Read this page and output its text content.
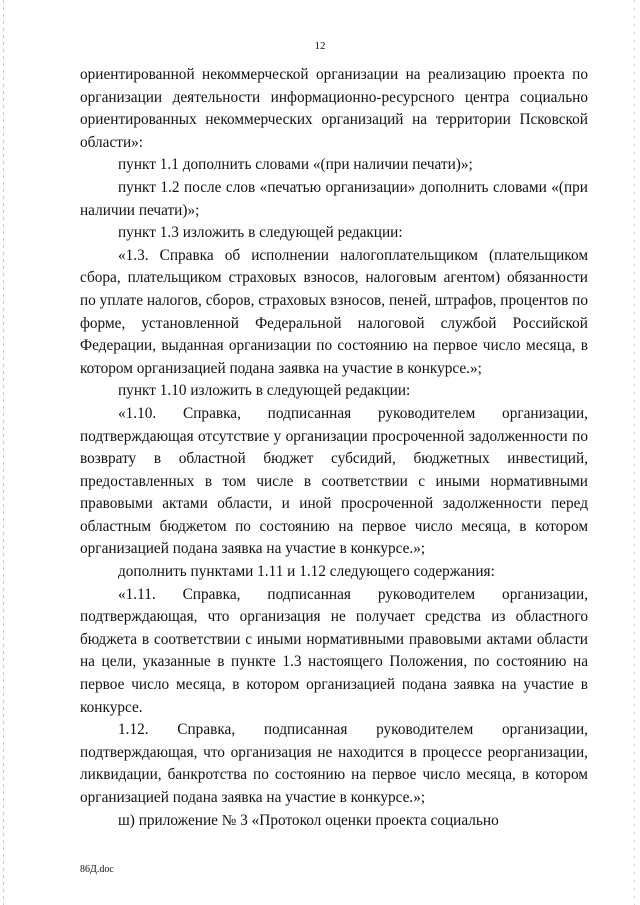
12

ориентированной некоммерческой организации на реализацию проекта по организации деятельности информационно-ресурсного центра социально ориентированных некоммерческих организаций на территории Псковской области»:

пункт 1.1 дополнить словами «(при наличии печати)»;

пункт 1.2 после слов «печатью организации» дополнить словами «(при наличии печати)»;

пункт 1.3 изложить в следующей редакции:

«1.3. Справка об исполнении налогоплательщиком (плательщиком сбора, плательщиком страховых взносов, налоговым агентом) обязанности по уплате налогов, сборов, страховых взносов, пеней, штрафов, процентов по форме, установленной Федеральной налоговой службой Российской Федерации, выданная организации по состоянию на первое число месяца, в котором организацией подана заявка на участие в конкурсе.»;

пункт 1.10 изложить в следующей редакции:

«1.10. Справка, подписанная руководителем организации, подтверждающая отсутствие у организации просроченной задолженности по возврату в областной бюджет субсидий, бюджетных инвестиций, предоставленных в том числе в соответствии с иными нормативными правовыми актами области, и иной просроченной задолженности перед областным бюджетом по состоянию на первое число месяца, в котором организацией подана заявка на участие в конкурсе.»;

дополнить пунктами 1.11 и 1.12 следующего содержания:

«1.11. Справка, подписанная руководителем организации, подтверждающая, что организация не получает средства из областного бюджета в соответствии с иными нормативными правовыми актами области на цели, указанные в пункте 1.3 настоящего Положения, по состоянию на первое число месяца, в котором организацией подана заявка на участие в конкурсе.

1.12. Справка, подписанная руководителем организации, подтверждающая, что организация не находится в процессе реорганизации, ликвидации, банкротства по состоянию на первое число месяца, в котором организацией подана заявка на участие в конкурсе.»;

ш) приложение № 3 «Протокол оценки проекта социально

86Д.doc
